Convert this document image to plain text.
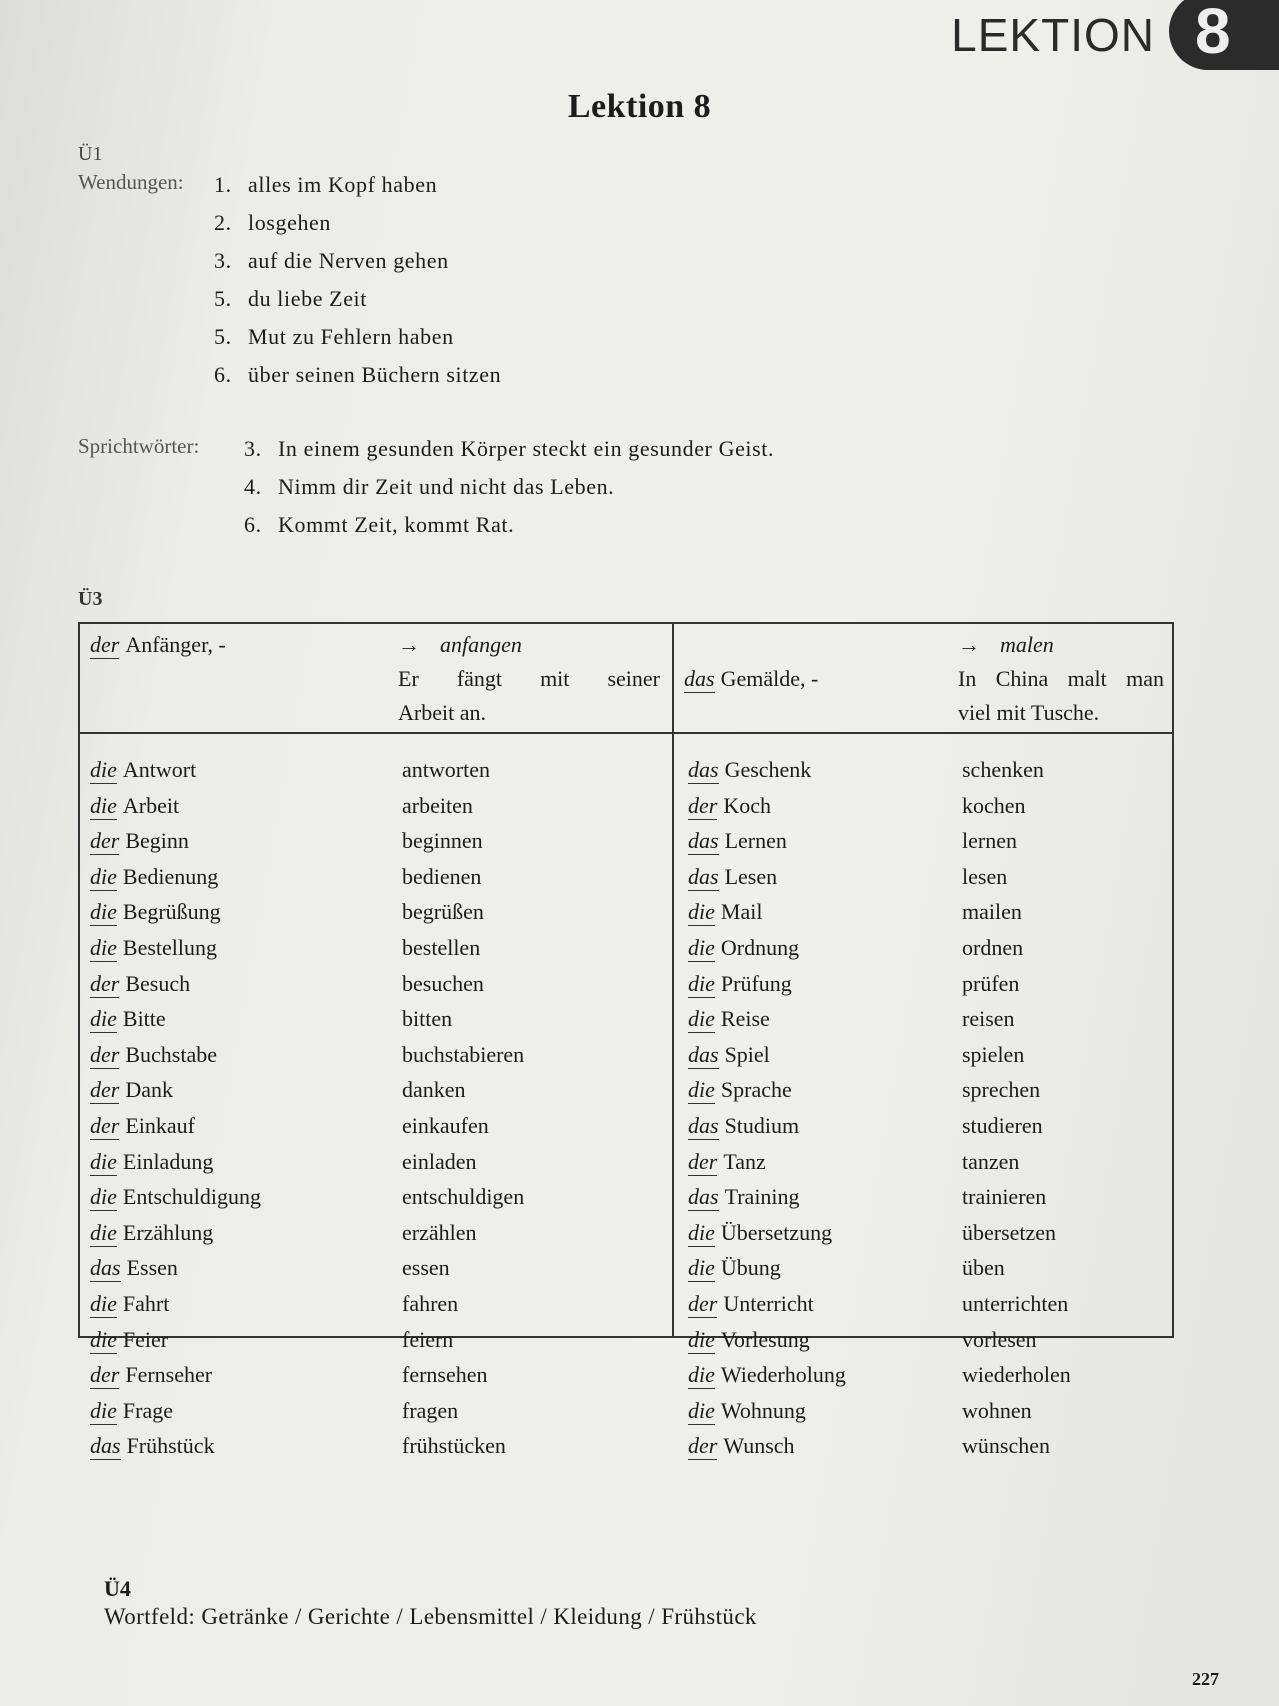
LEKTION 8
Lektion 8
Ü1
Wendungen: 1. alles im Kopf haben
2. losgehen
3. auf die Nerven gehen
5. du liebe Zeit
5. Mut zu Fehlern haben
6. über seinen Büchern sitzen
Sprichtwörter: 3. In einem gesunden Körper steckt ein gesunder Geist.
4. Nimm dir Zeit und nicht das Leben.
6. Kommt Zeit, kommt Rat.
Ü3
der Anfänger, -	→ anfangen

Er fängt mit seiner
Arbeit an.
das Gemälde, -
→ malen

In China malt man
viel mit Tusche.
die Antwort
die Arbeit
der Beginn
die Bedienung
die Begrüßung
die Bestellung
der Besuch
die Bitte
der Buchstabe
der Dank
der Einkauf
die Einladung
die Entschuldigung
die Erzählung
das Essen
die Fahrt
die Feier
der Fernseher
die Frage
das Frühstück
antworten
arbeiten
beginnen
bedienen
begrüßen
bestellen
besuchen
bitten
buchstabieren
danken
einkaufen
einladen
entschuldigen
erzählen
essen
fahren
feiern
fernsehen
fragen
frühstücken
das Geschenk
der Koch
das Lernen
das Lesen
die Mail
die Ordnung
die Prüfung
die Reise
das Spiel
die Sprache
das Studium
der Tanz
das Training
die Übersetzung
die Übung
der Unterricht
die Vorlesung
die Wiederholung
die Wohnung
der Wunsch
schenken
kochen
lernen
lesen
mailen
ordnen
prüfen
reisen
spielen
sprechen
studieren
tanzen
trainieren
übersetzen
üben
unterrichten
vorlesen
wiederholen
wohnen
wünschen
Ü4
Wortfeld: Getränke / Gerichte / Lebensmittel / Kleidung / Frühstück
227
